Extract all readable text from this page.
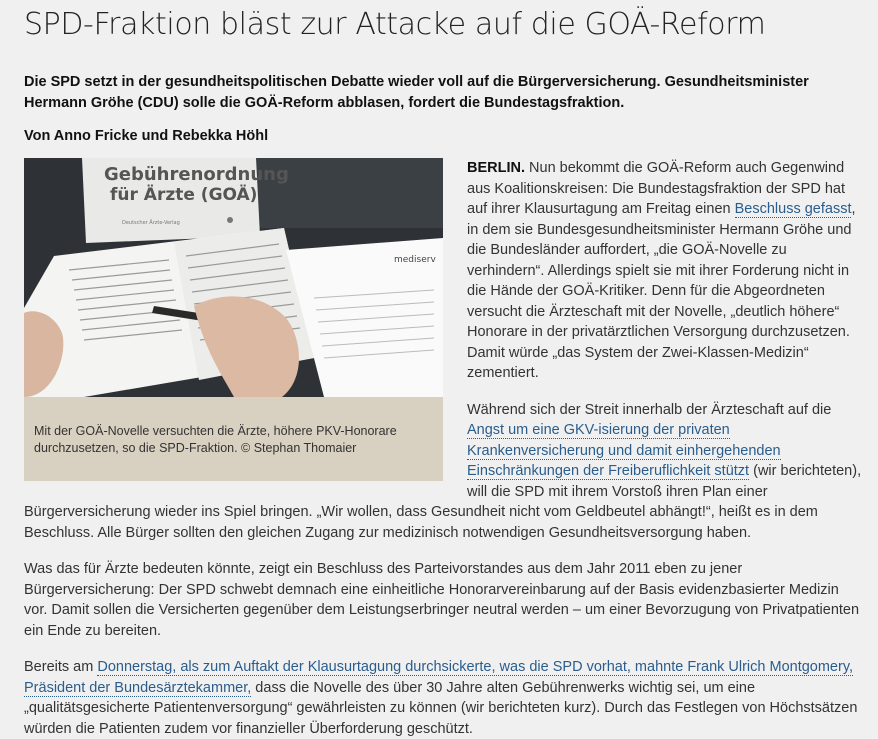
SPD-Fraktion bläst zur Attacke auf die GOÄ-Reform
Die SPD setzt in der gesundheitspolitischen Debatte wieder voll auf die Bürgerversicherung. Gesundheitsminister Hermann Gröhe (CDU) solle die GOÄ-Reform abblasen, fordert die Bundestagsfraktion.
Von Anno Fricke und Rebekka Höhl
Gebührenordnung
für Ärzte (GOÄ)
Deutscher Ärzte-Verlag
mediserv
Mit der GOÄ-Novelle versuchten die Ärzte, höhere PKV-Honorare durchzusetzen, so die SPD-Fraktion. © Stephan Thomaier

BERLIN. Nun bekommt die GOÄ-Reform auch Gegenwind aus Koalitionskreisen: Die Bundestagsfraktion der SPD hat auf ihrer Klausurtagung am Freitag einen Beschluss gefasst, in dem sie Bundesgesundheitsminister Hermann Gröhe und die Bundesländer auffordert, „die GOÄ-Novelle zu verhindern“. Allerdings spielt sie mit ihrer Forderung nicht in die Hände der GOÄ-Kritiker. Denn für die Abgeordneten versucht die Ärzteschaft mit der Novelle, „deutlich höhere“ Honorare in der privatärztlichen Versorgung durchzusetzen. Damit würde „das System der Zwei-Klassen-Medizin“ zementiert.

Während sich der Streit innerhalb der Ärzteschaft auf die Angst um eine GKV-isierung der privaten Krankenversicherung und damit einhergehenden Einschränkungen der Freiberuflichkeit stützt (wir berichteten), will die SPD mit ihrem Vorstoß ihren Plan einer Bürgerversicherung wieder ins Spiel bringen. „Wir wollen, dass Gesundheit nicht vom Geldbeutel abhängt!“, heißt es in dem Beschluss. Alle Bürger sollten den gleichen Zugang zur medizinisch notwendigen Gesundheitsversorgung haben.

Was das für Ärzte bedeuten könnte, zeigt ein Beschluss des Parteivorstandes aus dem Jahr 2011 eben zu jener Bürgerversicherung: Der SPD schwebt demnach eine einheitliche Honorarvereinbarung auf der Basis evidenzbasierter Medizin vor. Damit sollen die Versicherten gegenüber dem Leistungserbringer neutral werden – um einer Bevorzugung von Privatpatienten ein Ende zu bereiten.

Bereits am Donnerstag, als zum Auftakt der Klausurtagung durchsickerte, was die SPD vorhat, mahnte Frank Ulrich Montgomery, Präsident der Bundesärztekammer, dass die Novelle des über 30 Jahre alten Gebührenwerks wichtig sei, um eine „qualitätsgesicherte Patientenversorgung“ gewährleisten zu können (wir berichteten kurz). Durch das Festlegen von Höchstsätzen würden die Patienten zudem vor finanzieller Überforderung geschützt.
